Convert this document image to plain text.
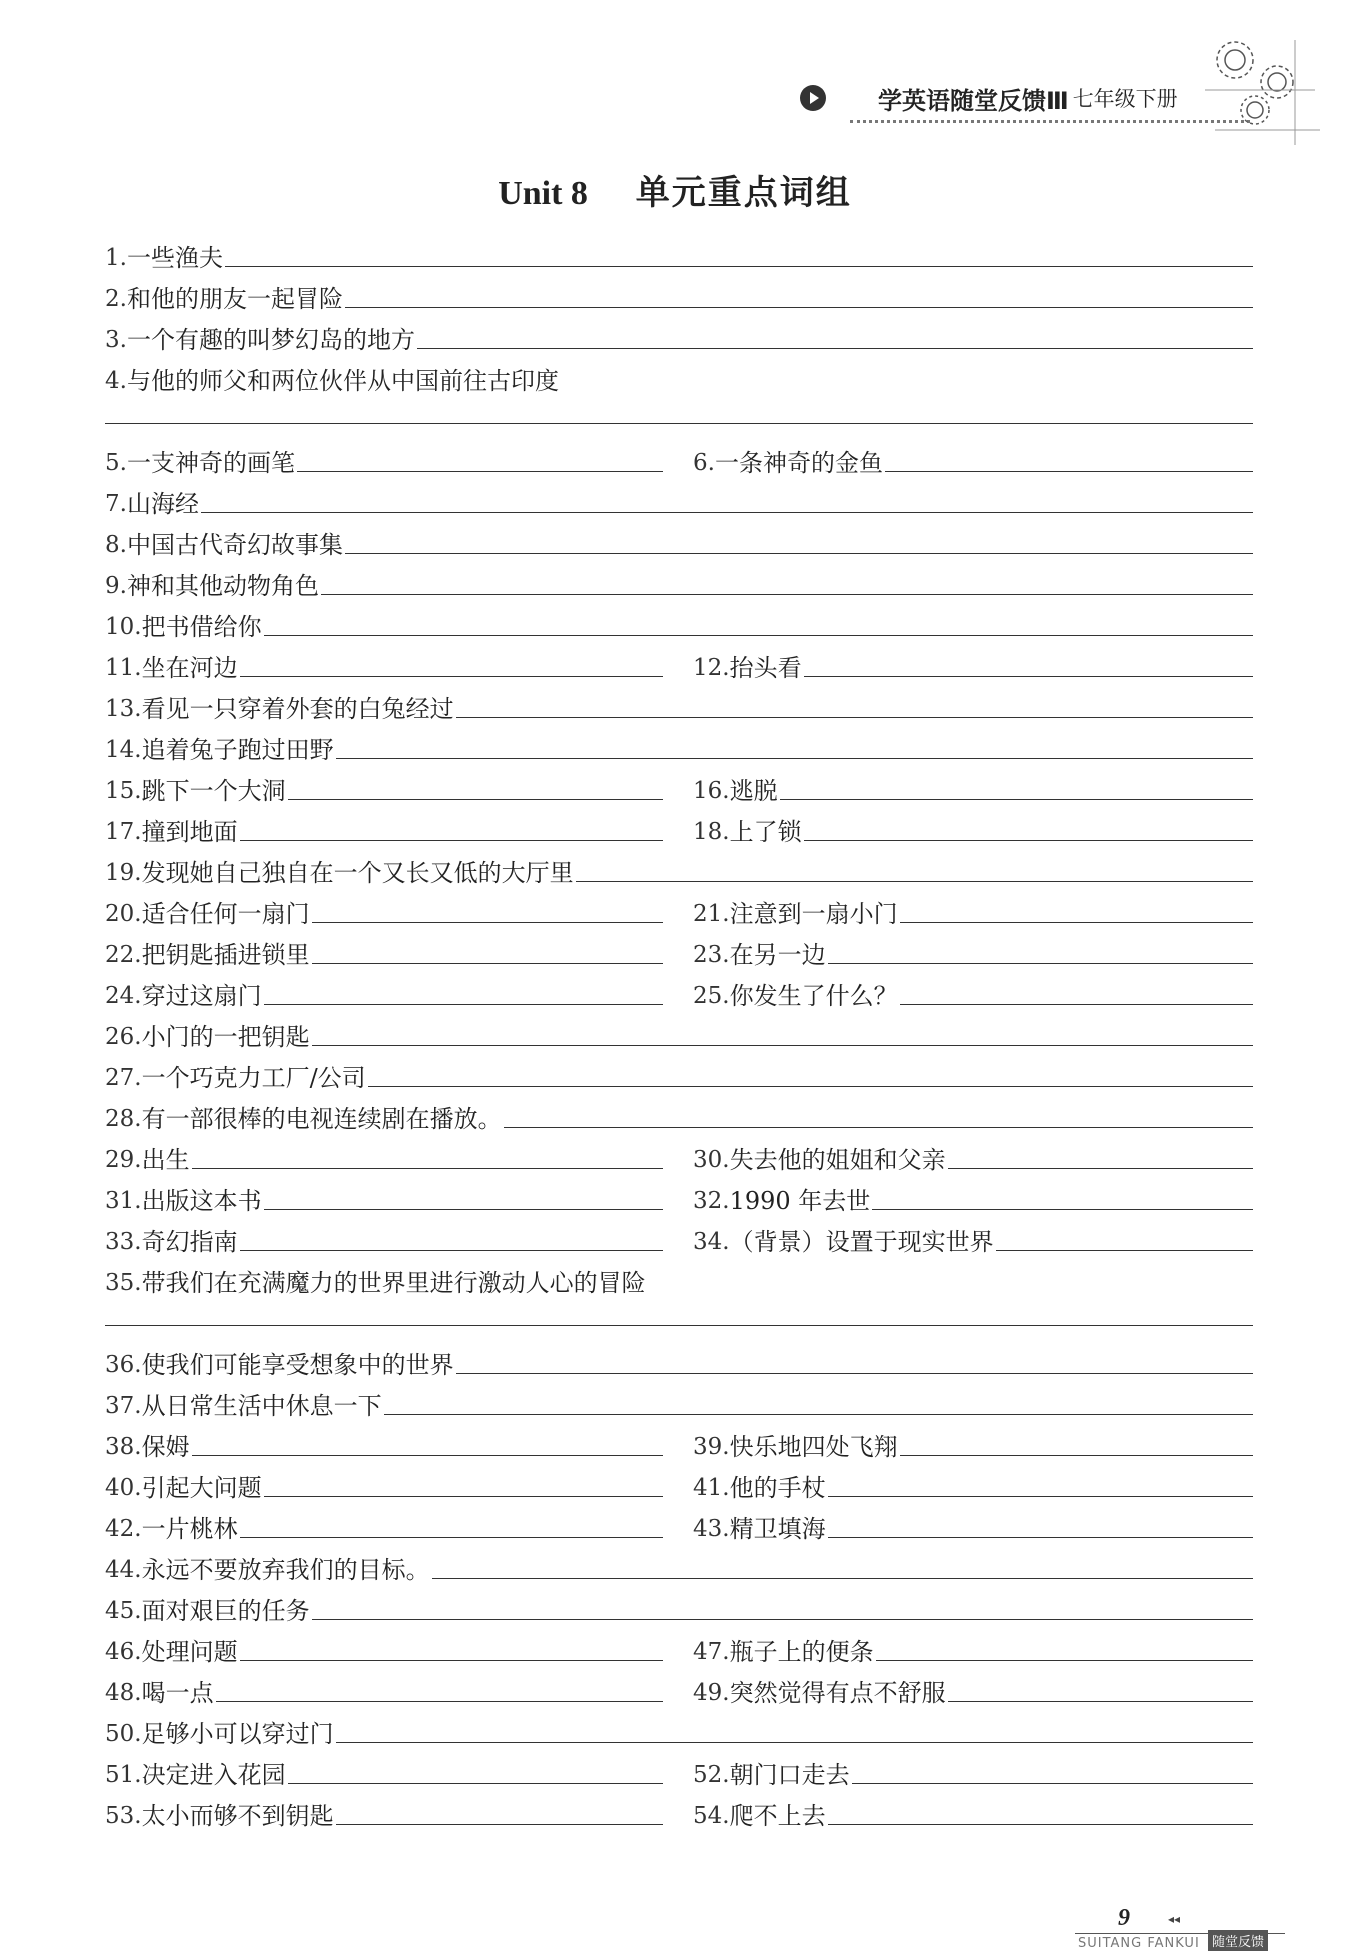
学英语随堂反馈Ⅲ 七年级下册
Unit 8 单元重点词组
1. 一些渔夫
2. 和他的朋友一起冒险
3. 一个有趣的叫梦幻岛的地方
4. 与他的师父和两位伙伴从中国前往古印度
5. 一支神奇的画笔	6. 一条神奇的金鱼
7. 山海经
8. 中国古代奇幻故事集
9. 神和其他动物角色
10. 把书借给你
11. 坐在河边	12. 抬头看
13. 看见一只穿着外套的白兔经过
14. 追着兔子跑过田野
15. 跳下一个大洞	16. 逃脱
17. 撞到地面	18. 上了锁
19. 发现她自己独自在一个又长又低的大厅里
20. 适合任何一扇门	21. 注意到一扇小门
22. 把钥匙插进锁里	23. 在另一边
24. 穿过这扇门	25. 你发生了什么？
26. 小门的一把钥匙
27. 一个巧克力工厂/公司
28. 有一部很棒的电视连续剧在播放。
29. 出生	30. 失去他的姐姐和父亲
31. 出版这本书	32. 1990 年去世
33. 奇幻指南	34. （背景）设置于现实世界
35. 带我们在充满魔力的世界里进行激动人心的冒险
36. 使我们可能享受想象中的世界
37. 从日常生活中休息一下
38. 保姆	39. 快乐地四处飞翔
40. 引起大问题	41. 他的手杖
42. 一片桃林	43. 精卫填海
44. 永远不要放弃我们的目标。
45. 面对艰巨的任务
46. 处理问题	47. 瓶子上的便条
48. 喝一点	49. 突然觉得有点不舒服
50. 足够小可以穿过门
51. 决定进入花园	52. 朝门口走去
53. 太小而够不到钥匙	54. 爬不上去
9	◂◂
SUITANG FANKUI 随堂反馈
